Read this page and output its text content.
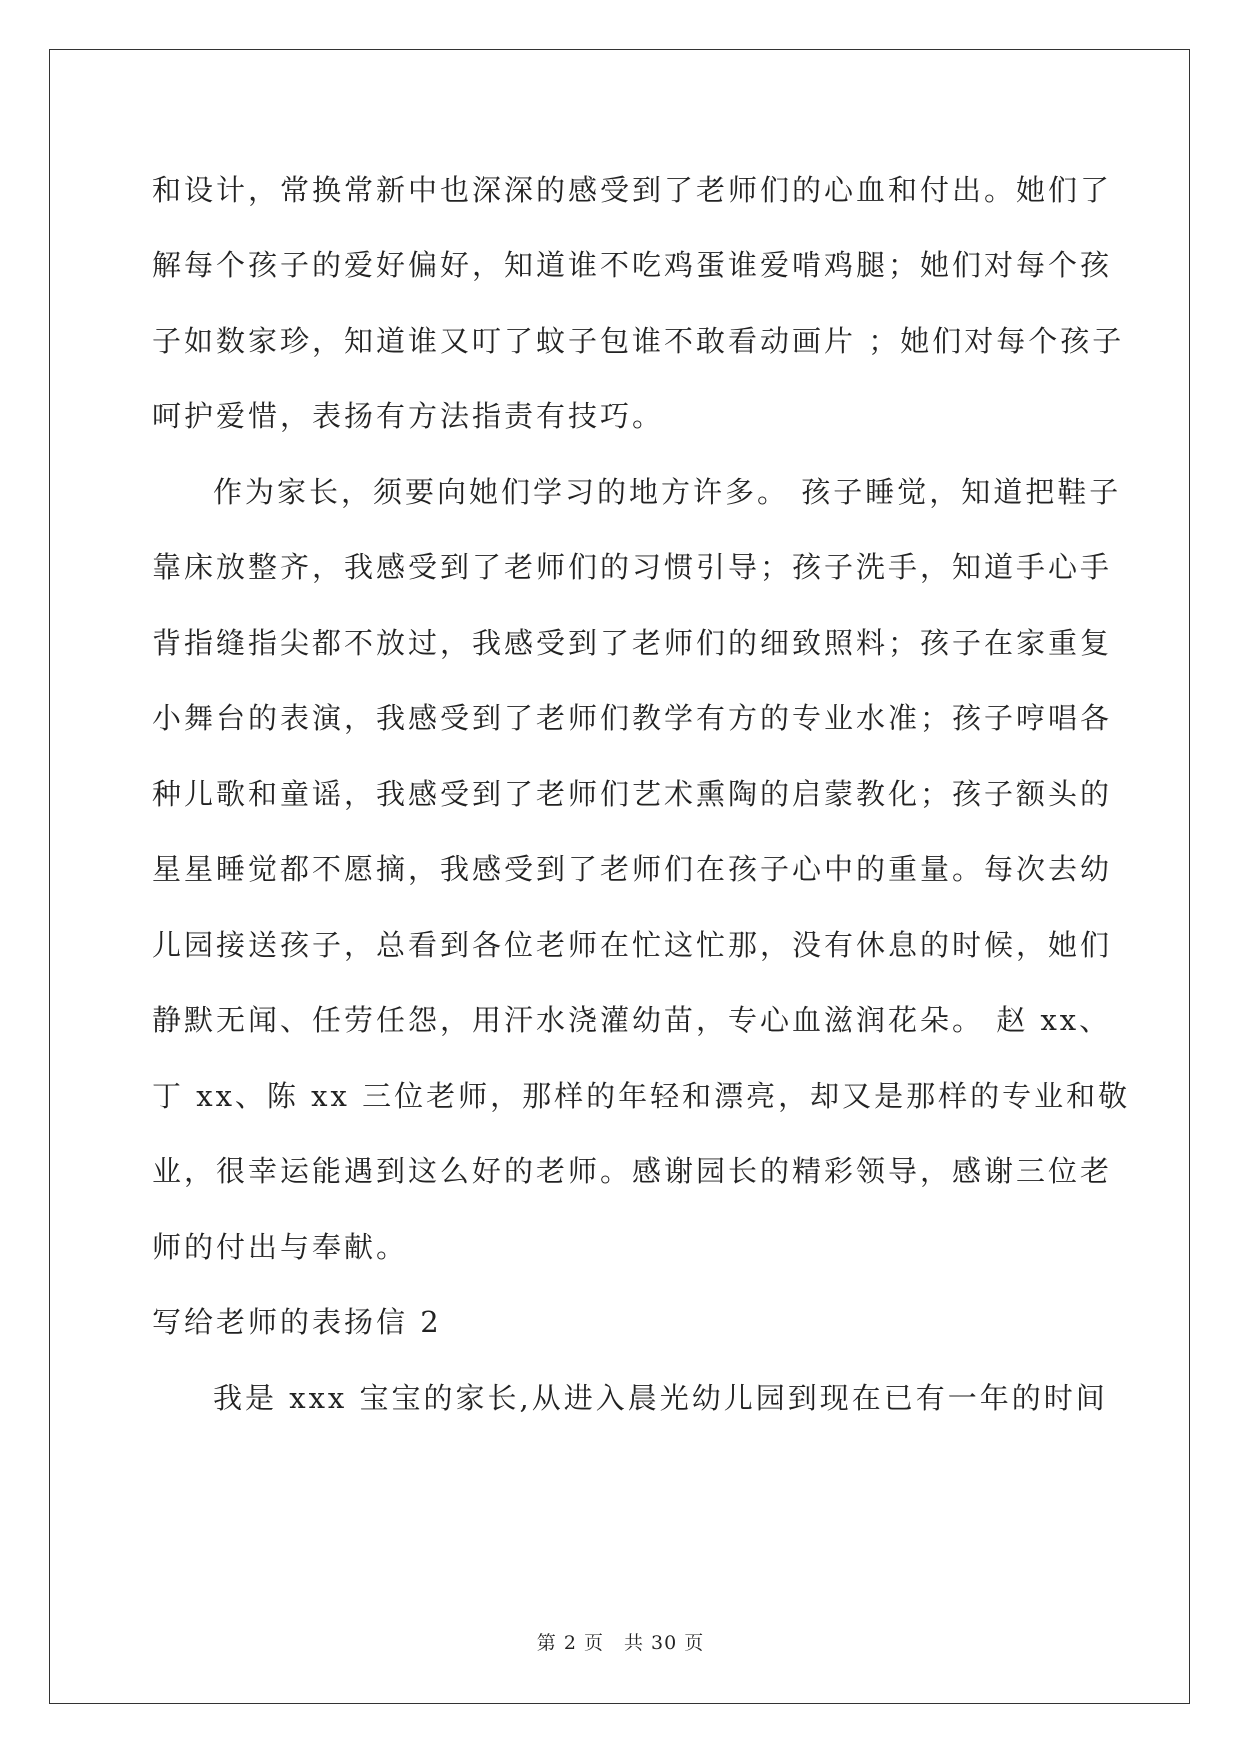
和设计，常换常新中也深深的感受到了老师们的心血和付出。她们了
解每个孩子的爱好偏好，知道谁不吃鸡蛋谁爱啃鸡腿；她们对每个孩
子如数家珍，知道谁又叮了蚊子包谁不敢看动画片 ；她们对每个孩子
呵护爱惜，表扬有方法指责有技巧。
作为家长，须要向她们学习的地方许多。 孩子睡觉，知道把鞋子
靠床放整齐，我感受到了老师们的习惯引导；孩子洗手，知道手心手
背指缝指尖都不放过，我感受到了老师们的细致照料；孩子在家重复
小舞台的表演，我感受到了老师们教学有方的专业水准；孩子哼唱各
种儿歌和童谣，我感受到了老师们艺术熏陶的启蒙教化；孩子额头的
星星睡觉都不愿摘，我感受到了老师们在孩子心中的重量。每次去幼
儿园接送孩子，总看到各位老师在忙这忙那，没有休息的时候，她们
静默无闻、任劳任怨，用汗水浇灌幼苗，专心血滋润花朵。 赵 xx、
丁 xx、陈 xx 三位老师，那样的年轻和漂亮，却又是那样的专业和敬
业，很幸运能遇到这么好的老师。感谢园长的精彩领导，感谢三位老
师的付出与奉献。
写给老师的表扬信 2
我是 xxx 宝宝的家长,从进入晨光幼儿园到现在已有一年的时间
第 2 页　共 30 页
